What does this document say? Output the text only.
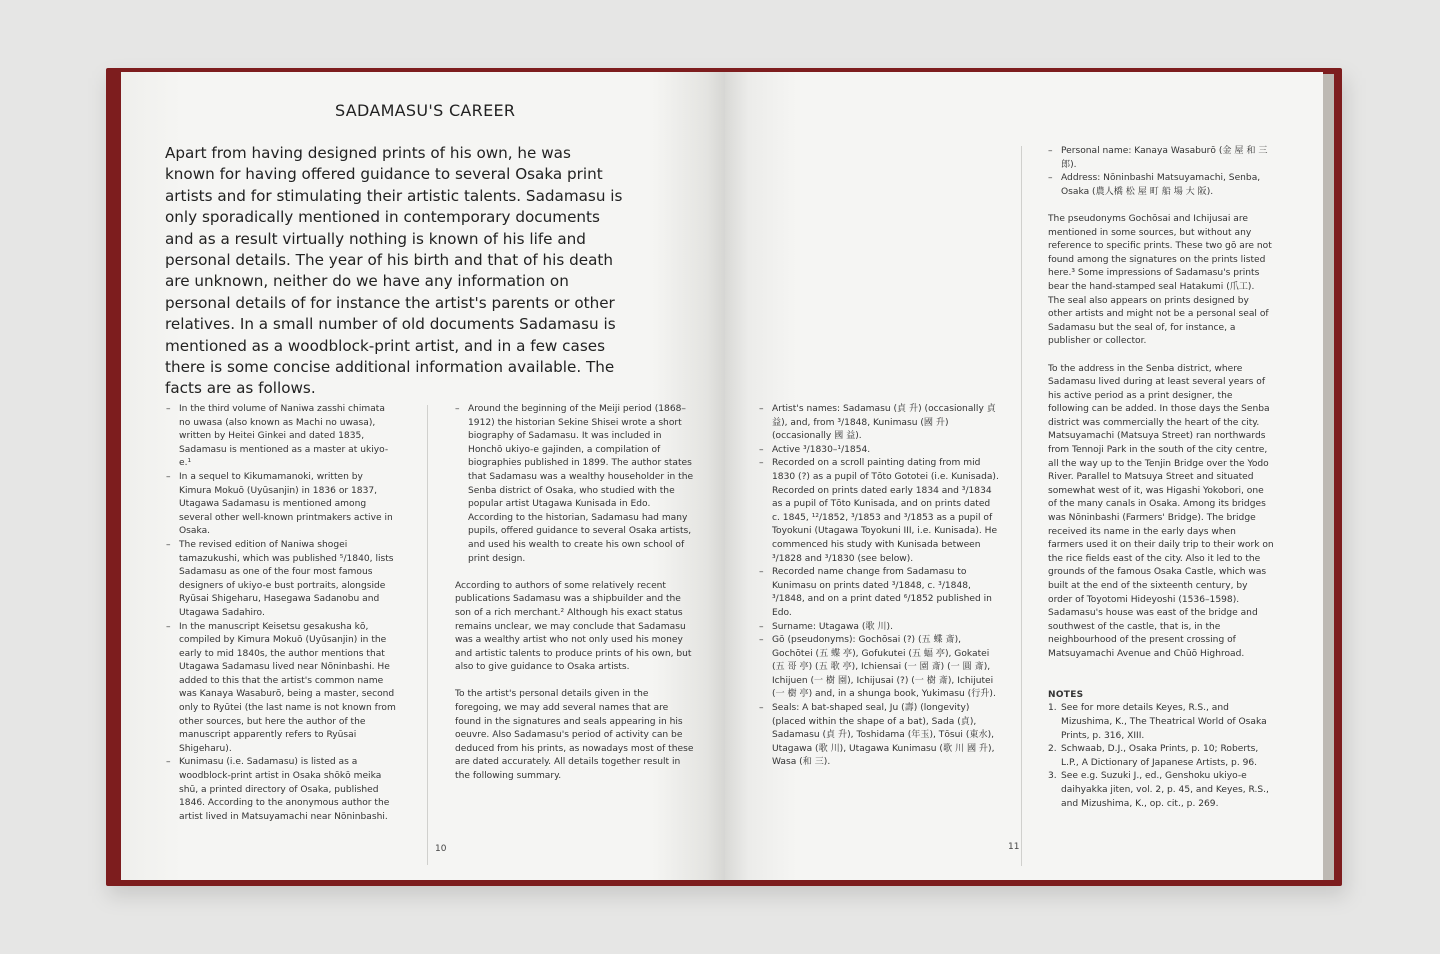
SADAMASU'S CAREER
Apart from having designed prints of his own, he was known for having offered guidance to several Osaka print artists and for stimulating their artistic talents. Sadamasu is only sporadically mentioned in contemporary documents and as a result virtually nothing is known of his life and personal details. The year of his birth and that of his death are unknown, neither do we have any information on personal details of for instance the artist's parents or other relatives. In a small number of old documents Sadamasu is mentioned as a woodblock-print artist, and in a few cases there is some concise additional information available. The facts are as follows.
– In the third volume of Naniwa zasshi chimata no uwasa (also known as Machi no uwasa), written by Heitei Ginkei and dated 1835, Sadamasu is mentioned as a master at ukiyo-e.¹
– In a sequel to Kikumamanoki, written by Kimura Mokuō (Uyūsanjin) in 1836 or 1837, Utagawa Sadamasu is mentioned among several other well-known printmakers active in Osaka.
– The revised edition of Naniwa shogei tamazukushi, which was published ⁵/1840, lists Sadamasu as one of the four most famous designers of ukiyo-e bust portraits, alongside Ryūsai Shigeharu, Hasegawa Sadanobu and Utagawa Sadahiro.
– In the manuscript Keisetsu gesakusha kō, compiled by Kimura Mokuō (Uyūsanjin) in the early to mid 1840s, the author mentions that Utagawa Sadamasu lived near Nōninbashi. He added to this that the artist's common name was Kanaya Wasaburō, being a master, second only to Ryūtei (the last name is not known from other sources, but here the author of the manuscript apparently refers to Ryūsai Shigeharu).
– Kunimasu (i.e. Sadamasu) is listed as a woodblock-print artist in Osaka shōkō meika shū, a printed directory of Osaka, published 1846. According to the anonymous author the artist lived in Matsuyamachi near Nōninbashi.
– Around the beginning of the Meiji period (1868–1912) the historian Sekine Shisei wrote a short biography of Sadamasu. It was included in Honchō ukiyo-e gajinden, a compilation of biographies published in 1899. The author states that Sadamasu was a wealthy householder in the Senba district of Osaka, who studied with the popular artist Utagawa Kunisada in Edo. According to the historian, Sadamasu had many pupils, offered guidance to several Osaka artists, and used his wealth to create his own school of print design.

According to authors of some relatively recent publications Sadamasu was a shipbuilder and the son of a rich merchant.² Although his exact status remains unclear, we may conclude that Sadamasu was a wealthy artist who not only used his money and artistic talents to produce prints of his own, but also to give guidance to Osaka artists.

To the artist's personal details given in the foregoing, we may add several names that are found in the signatures and seals appearing in his oeuvre. Also Sadamasu's period of activity can be deduced from his prints, as nowadays most of these are dated accurately. All details together result in the following summary.

10
– Artist's names: Sadamasu (貞 升) (occasionally 貞 益), and, from ³/1848, Kunimasu (國 升) (occasionally 國 益).
– Active ³/1830–¹/1854.
– Recorded on a scroll painting dating from mid 1830 (?) as a pupil of Tōto Gototei (i.e. Kunisada). Recorded on prints dated early 1834 and ³/1834 as a pupil of Tōto Kunisada, and on prints dated c. 1845, ¹²/1852, ³/1853 and ³/1853 as a pupil of Toyokuni (Utagawa Toyokuni III, i.e. Kunisada). He commenced his study with Kunisada between ³/1828 and ³/1830 (see below).
– Recorded name change from Sadamasu to Kunimasu on prints dated ³/1848, c. ³/1848, ³/1848, and on a print dated ⁶/1852 published in Edo.
– Surname: Utagawa (歌 川).
– Gō (pseudonyms): Gochōsai (?) (五 蝶 斎), Gochōtei (五 蝶 亭), Gofukutei (五 蝠 亭), Gokatei (五 哥 亭) (五 歌 亭), Ichiensai (一 園 斎) (一 圓 斎), Ichijuen (一 樹 園), Ichijusai (?) (一 樹 斎), Ichijutei (一 樹 亭) and, in a shunga book, Yukimasu (行升).
– Seals: A bat-shaped seal, Ju (壽) (longevity) (placed within the shape of a bat), Sada (貞), Sadamasu (貞 升), Toshidama (年玉), Tōsui (東水), Utagawa (歌 川), Utagawa Kunimasu (歌 川 國 升), Wasa (和 三).
11
– Personal name: Kanaya Wasaburō (金 屋 和 三 郎).
– Address: Nōninbashi Matsuyamachi, Senba, Osaka (農人橋 松 屋 町 船 場 大 阪).

The pseudonyms Gochōsai and Ichijusai are mentioned in some sources, but without any reference to specific prints. These two gō are not found among the signatures on the prints listed here.³ Some impressions of Sadamasu's prints bear the hand-stamped seal Hatakumi (爪工). The seal also appears on prints designed by other artists and might not be a personal seal of Sadamasu but the seal of, for instance, a publisher or collector.

To the address in the Senba district, where Sadamasu lived during at least several years of his active period as a print designer, the following can be added. In those days the Senba district was commercially the heart of the city. Matsuyamachi (Matsuya Street) ran northwards from Tennoji Park in the south of the city centre, all the way up to the Tenjin Bridge over the Yodo River. Parallel to Matsuya Street and situated somewhat west of it, was Higashi Yokobori, one of the many canals in Osaka. Among its bridges was Nōninbashi (Farmers' Bridge). The bridge received its name in the early days when farmers used it on their daily trip to their work on the rice fields east of the city. Also it led to the grounds of the famous Osaka Castle, which was built at the end of the sixteenth century, by order of Toyotomi Hideyoshi (1536–1598). Sadamasu's house was east of the bridge and southwest of the castle, that is, in the neighbourhood of the present crossing of Matsuyamachi Avenue and Chūō Highroad.

NOTES

1. See for more details Keyes, R.S., and Mizushima, K., The Theatrical World of Osaka Prints, p. 316, XIII.
2. Schwaab, D.J., Osaka Prints, p. 10; Roberts, L.P., A Dictionary of Japanese Artists, p. 96.
3. See e.g. Suzuki J., ed., Genshoku ukiyo-e daihyakka jiten, vol. 2, p. 45, and Keyes, R.S., and Mizushima, K., op. cit., p. 269.
